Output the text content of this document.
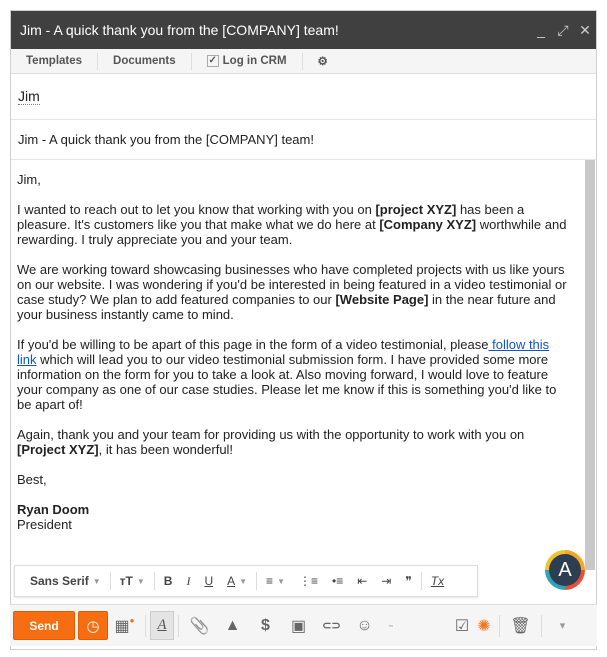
Jim - A quick thank you from the [COMPANY] team!	_ ⤢ ✕
Templates	Documents	✓ Log in CRM	⚙
Jim
Jim - A quick thank you from the [COMPANY] team!

Jim,

I wanted to reach out to let you know that working with you on [project XYZ] has been a pleasure. It's customers like you that make what we do here at [Company XYZ] worthwhile and rewarding. I truly appreciate you and your team.

We are working toward showcasing businesses who have completed projects with us like yours on our website. I was wondering if you'd be interested in being featured in a video testimonial or case study? We plan to add featured companies to our [Website Page] in the near future and your business instantly came to mind.

If you'd be willing to be apart of this page in the form of a video testimonial, please follow this link which will lead you to our video testimonial submission form. I have provided some more information on the form for you to take a look at. Also moving forward, I would love to feature your company as one of our case studies. Please let me know if this is something you'd like to be apart of!

Again, thank you and your team for providing us with the opportunity to work with you on [Project XYZ], it has been wonderful!

Best,

Ryan Doom
President
A
Sans Serif ▼ тT ▼ B I U A ▼ ≡ ▼	⋮≡	•≡	⇤	⇥	❞	Tx
Send	◷ ▦●	A	📎 ▲	$	▣	⊂⊃ ☺ -	☑ ✺	🗑	▾
